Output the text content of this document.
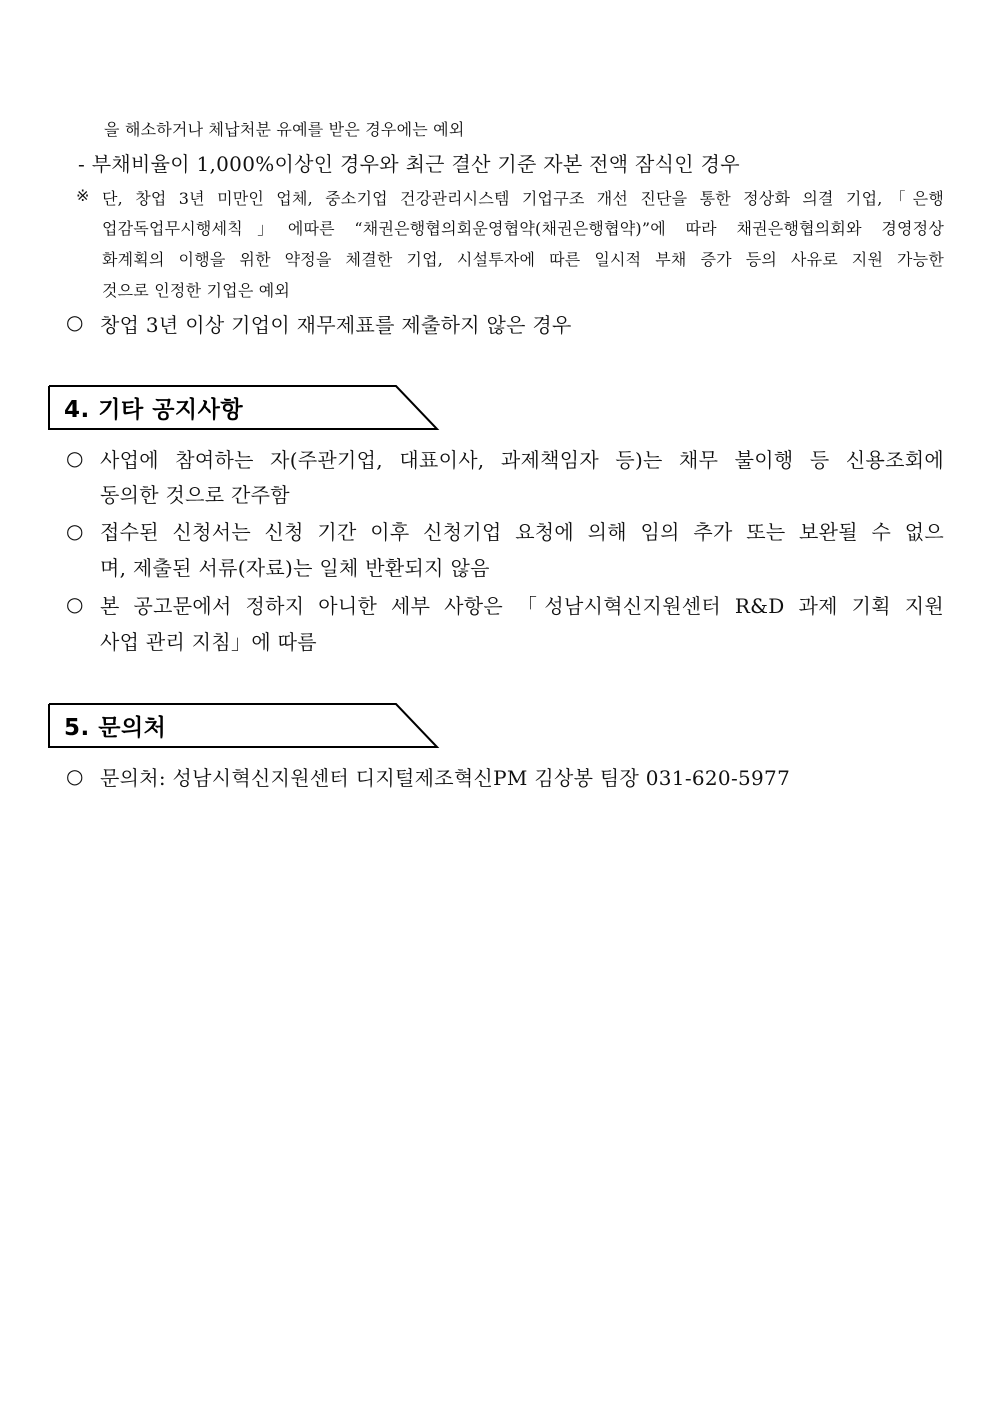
을 해소하거나 체납처분 유예를 받은 경우에는 예외
- 부채비율이 1,000%이상인 경우와 최근 결산 기준 자본 전액 잠식인 경우
※ 단, 창업 3년 미만인 업체, 중소기업 건강관리시스템 기업구조 개선 진단을 통한 정상화 의결 기업,「은행
업감독업무시행세칙」에따른 “채권은행협의회운영협약(채권은행협약)”에 따라 채권은행협의회와 경영정상
화계획의 이행을 위한 약정을 체결한 기업, 시설투자에 따른 일시적 부채 증가 등의 사유로 지원 가능한
것으로 인정한 기업은 예외
○ 창업 3년 이상 기업이 재무제표를 제출하지 않은 경우
4. 기타 공지사항
○ 사업에 참여하는 자(주관기업, 대표이사, 과제책임자 등)는 채무 불이행 등 신용조회에
동의한 것으로 간주함
○ 접수된 신청서는 신청 기간 이후 신청기업 요청에 의해 임의 추가 또는 보완될 수 없으
며, 제출된 서류(자료)는 일체 반환되지 않음
○ 본 공고문에서 정하지 아니한 세부 사항은 「성남시혁신지원센터 R&D 과제 기획 지원
사업 관리 지침」에 따름
5. 문의처
○ 문의처: 성남시혁신지원센터 디지털제조혁신PM 김상봉 팀장 031-620-5977
